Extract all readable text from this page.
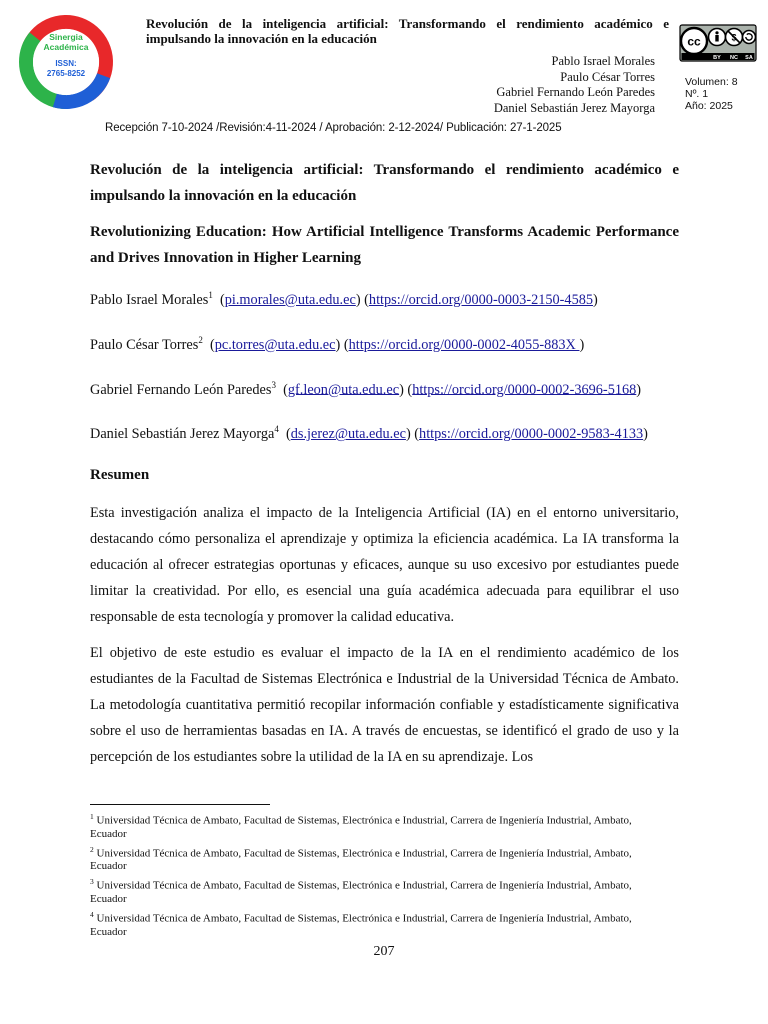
Sinergia
Académica
ISSN:
2765-8252
Revolución de la inteligencia artificial: Transformando el rendimiento académico e impulsando la innovación en la educación
Pablo Israel Morales
Paulo César Torres
Gabriel Fernando León Paredes
Daniel Sebastián Jerez Mayorga
cc	$
BY NC SA
Volumen: 8
Nº. 1
Año: 2025
Recepción 7-10-2024 /Revisión:4-11-2024 / Aprobación: 2-12-2024/ Publicación: 27-1-2025
Revolución de la inteligencia artificial: Transformando el rendimiento académico e impulsando la innovación en la educación
Revolutionizing Education: How Artificial Intelligence Transforms Academic Performance and Drives Innovation in Higher Learning
Pablo Israel Morales$^1$  (pi.morales@uta.edu.ec) (https://orcid.org/0000-0003-2150-4585)
Paulo César Torres$^2$  (pc.torres@uta.edu.ec) (https://orcid.org/0000-0002-4055-883X )
Gabriel Fernando León Paredes$^3$  (gf.leon@uta.edu.ec) (https://orcid.org/0000-0002-3696-5168)
Daniel Sebastián Jerez Mayorga$^4$  (ds.jerez@uta.edu.ec) (https://orcid.org/0000-0002-9583-4133)
Resumen

Esta investigación analiza el impacto de la Inteligencia Artificial (IA) en el entorno universitario, destacando cómo personaliza el aprendizaje y optimiza la eficiencia académica. La IA transforma la educación al ofrecer estrategias oportunas y eficaces, aunque su uso excesivo por estudiantes puede limitar la creatividad. Por ello, es esencial una guía académica adecuada para equilibrar el uso responsable de esta tecnología y promover la calidad educativa.

El objetivo de este estudio es evaluar el impacto de la IA en el rendimiento académico de los estudiantes de la Facultad de Sistemas Electrónica e Industrial de la Universidad Técnica de Ambato. La metodología cuantitativa permitió recopilar información confiable y estadísticamente significativa sobre el uso de herramientas basadas en IA. A través de encuestas, se identificó el grado de uso y la percepción de los estudiantes sobre la utilidad de la IA en su aprendizaje. Los

$^1$ Universidad Técnica de Ambato, Facultad de Sistemas, Electrónica e Industrial, Carrera de Ingeniería Industrial, Ambato, Ecuador
$^2$ Universidad Técnica de Ambato, Facultad de Sistemas, Electrónica e Industrial, Carrera de Ingeniería Industrial, Ambato, Ecuador
$^3$ Universidad Técnica de Ambato, Facultad de Sistemas, Electrónica e Industrial, Carrera de Ingeniería Industrial, Ambato, Ecuador
$^4$ Universidad Técnica de Ambato, Facultad de Sistemas, Electrónica e Industrial, Carrera de Ingeniería Industrial, Ambato, Ecuador
207
